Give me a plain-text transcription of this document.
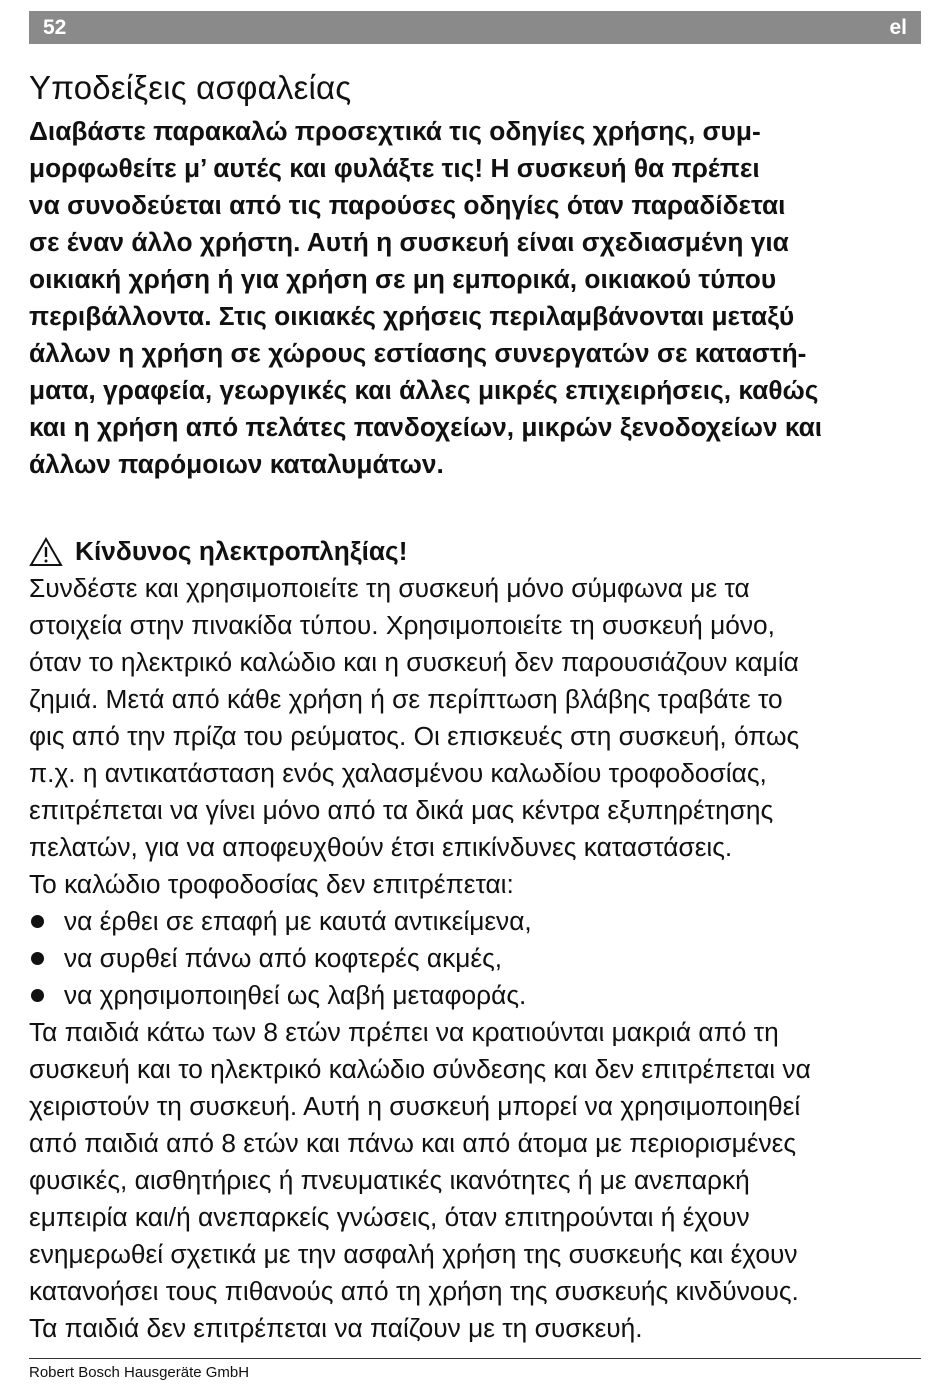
52	el
Υποδείξεις ασφαλείας
Διαβάστε παρακαλώ προσεχτικά τις οδηγίες χρήσης, συμ-
μορφωθείτε μ’ αυτές και φυλάξτε τις! Η συσκευή θα πρέπει
να συνοδεύεται από τις παρούσες οδηγίες όταν παραδίδεται
σε έναν άλλο χρήστη. Αυτή η συσκευή είναι σχεδιασμένη για
οικιακή χρήση ή για χρήση σε μη εμπορικά, οικιακού τύπου
περιβάλλοντα. Στις οικιακές χρήσεις περιλαμβάνονται μεταξύ
άλλων η χρήση σε χώρους εστίασης συνεργατών σε καταστή-
ματα, γραφεία, γεωργικές και άλλες μικρές επιχειρήσεις, καθώς
και η χρήση από πελάτες πανδοχείων, μικρών ξενοδοχείων και
άλλων παρόμοιων καταλυμάτων.
Κίνδυνος ηλεκτροπληξίας!
Συνδέστε και χρησιμοποιείτε τη συσκευή μόνο σύμφωνα με τα
στοιχεία στην πινακίδα τύπου. Χρησιμοποιείτε τη συσκευή μόνο,
όταν το ηλεκτρικό καλώδιο και η συσκευή δεν παρουσιάζουν καμία
ζημιά. Μετά από κάθε χρήση ή σε περίπτωση βλάβης τραβάτε το
φις από την πρίζα του ρεύματος. Οι επισκευές στη συσκευή, όπως
π.χ. η αντικατάσταση ενός χαλασμένου καλωδίου τροφοδοσίας,
επιτρέπεται να γίνει μόνο από τα δικά μας κέντρα εξυπηρέτησης
πελατών, για να αποφευχθούν έτσι επικίνδυνες καταστάσεις.
Το καλώδιο τροφοδοσίας δεν επιτρέπεται:
να έρθει σε επαφή με καυτά αντικείμενα,
να συρθεί πάνω από κοφτερές ακμές,
να χρησιμοποιηθεί ως λαβή μεταφοράς.
Τα παιδιά κάτω των 8 ετών πρέπει να κρατιούνται μακριά από τη
συσκευή και το ηλεκτρικό καλώδιο σύνδεσης και δεν επιτρέπεται να
χειριστούν τη συσκευή. Αυτή η συσκευή μπορεί να χρησιμοποιηθεί
από παιδιά από 8 ετών και πάνω και από άτομα με περιορισμένες
φυσικές, αισθητήριες ή πνευματικές ικανότητες ή με ανεπαρκή
εμπειρία και/ή ανεπαρκείς γνώσεις, όταν επιτηρούνται ή έχουν
ενημερωθεί σχετικά με την ασφαλή χρήση της συσκευής και έχουν
κατανοήσει τους πιθανούς από τη χρήση της συσκευής κινδύνους.
Τα παιδιά δεν επιτρέπεται να παίζουν με τη συσκευή.
Robert Bosch Hausgeräte GmbH
